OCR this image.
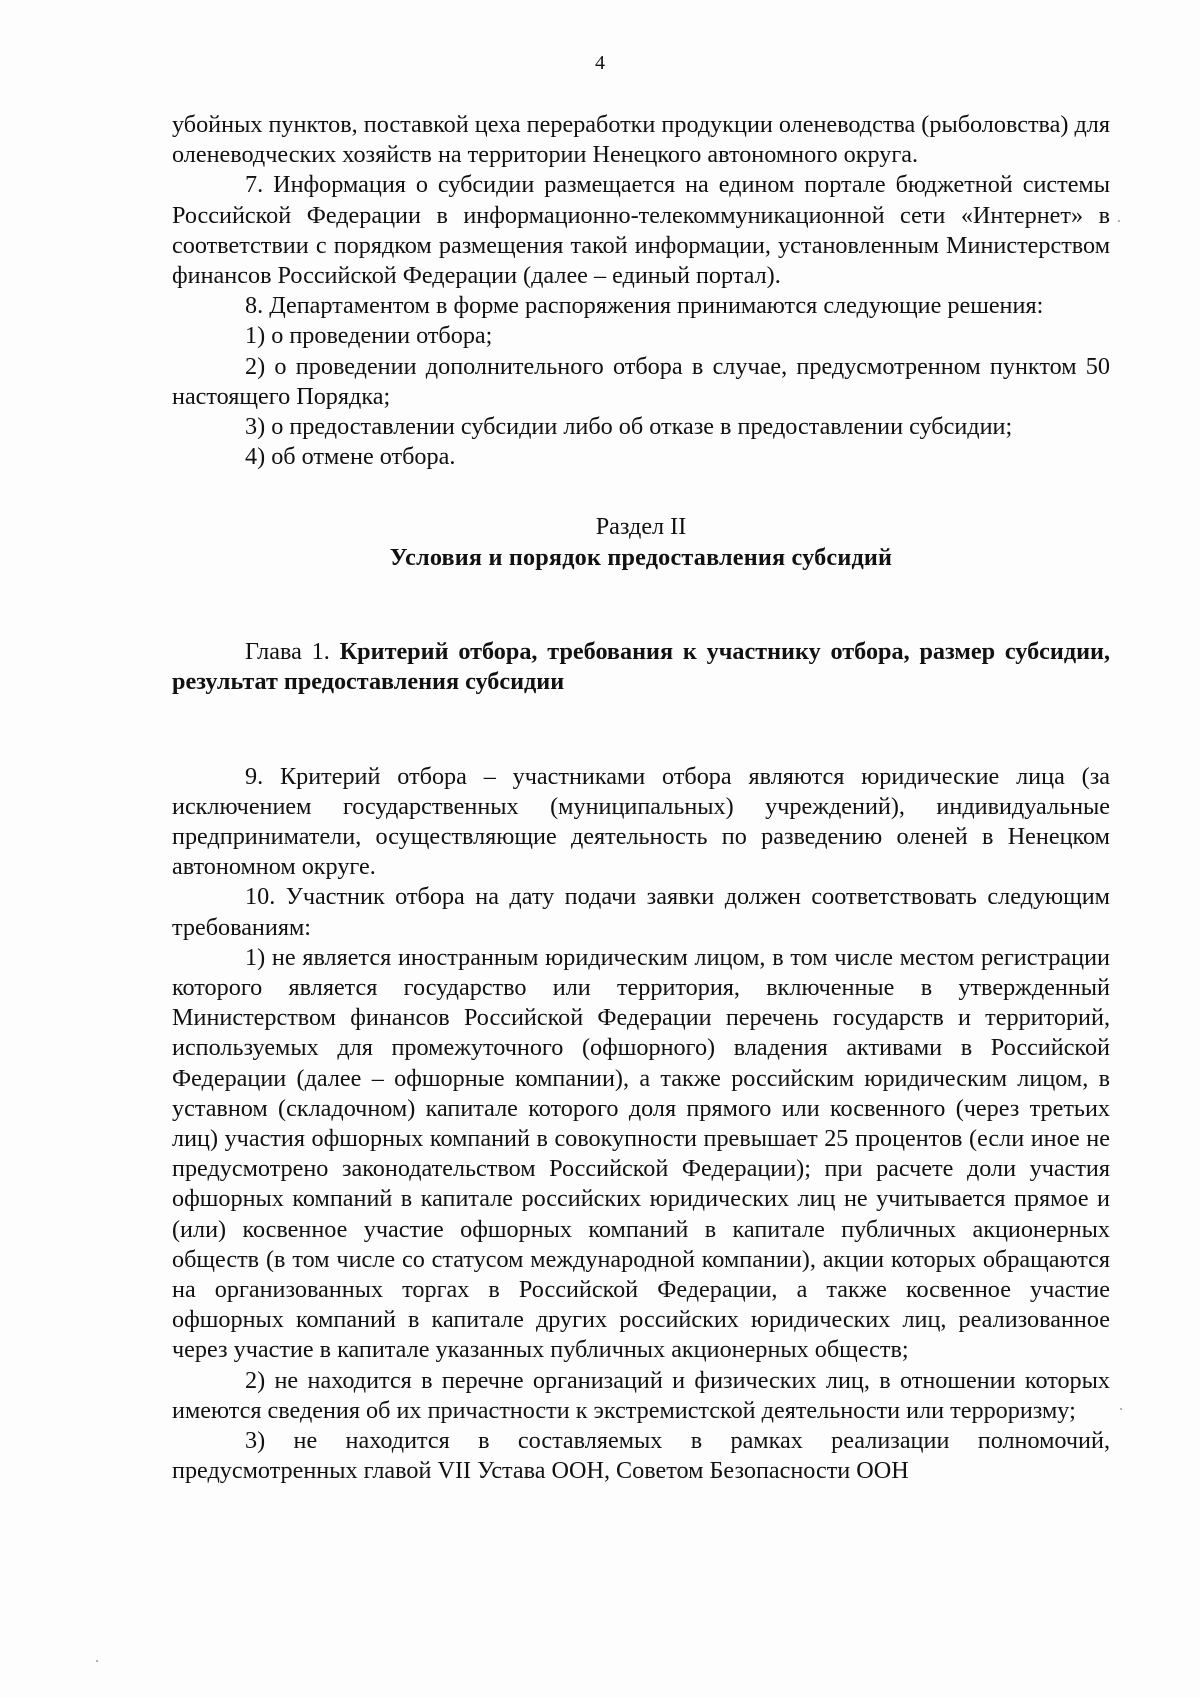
4

убойных пунктов, поставкой цеха переработки продукции оленеводства (рыболовства) для оленеводческих хозяйств на территории Ненецкого автономного округа.

7. Информация о субсидии размещается на едином портале бюджетной системы Российской Федерации в информационно-телекоммуникационной сети «Интернет» в соответствии с порядком размещения такой информации, установленным Министерством финансов Российской Федерации (далее – единый портал).

8. Департаментом в форме распоряжения принимаются следующие решения:

1) о проведении отбора;

2) о проведении дополнительного отбора в случае, предусмотренном пунктом 50 настоящего Порядка;

3) о предоставлении субсидии либо об отказе в предоставлении субсидии;

4) об отмене отбора.

Раздел II

Условия и порядок предоставления субсидий

Глава 1. Критерий отбора, требования к участнику отбора, размер субсидии, результат предоставления субсидии

9. Критерий отбора – участниками отбора являются юридические лица (за исключением государственных (муниципальных) учреждений), индивидуальные предприниматели, осуществляющие деятельность по разведению оленей в Ненецком автономном округе.

10. Участник отбора на дату подачи заявки должен соответствовать следующим требованиям:

1) не является иностранным юридическим лицом, в том числе местом регистрации которого является государство или территория, включенные в утвержденный Министерством финансов Российской Федерации перечень государств и территорий, используемых для промежуточного (офшорного) владения активами в Российской Федерации (далее – офшорные компании), а также российским юридическим лицом, в уставном (складочном) капитале которого доля прямого или косвенного (через третьих лиц) участия офшорных компаний в совокупности превышает 25 процентов (если иное не предусмотрено законодательством Российской Федерации); при расчете доли участия офшорных компаний в капитале российских юридических лиц не учитывается прямое и (или) косвенное участие офшорных компаний в капитале публичных акционерных обществ (в том числе со статусом международной компании), акции которых обращаются на организованных торгах в Российской Федерации, а также косвенное участие офшорных компаний в капитале других российских юридических лиц, реализованное через участие в капитале указанных публичных акционерных обществ;

2) не находится в перечне организаций и физических лиц, в отношении которых имеются сведения об их причастности к экстремистской деятельности или терроризму;

3) не находится в составляемых в рамках реализации полномочий, предусмотренных главой VII Устава ООН, Советом Безопасности ООН
